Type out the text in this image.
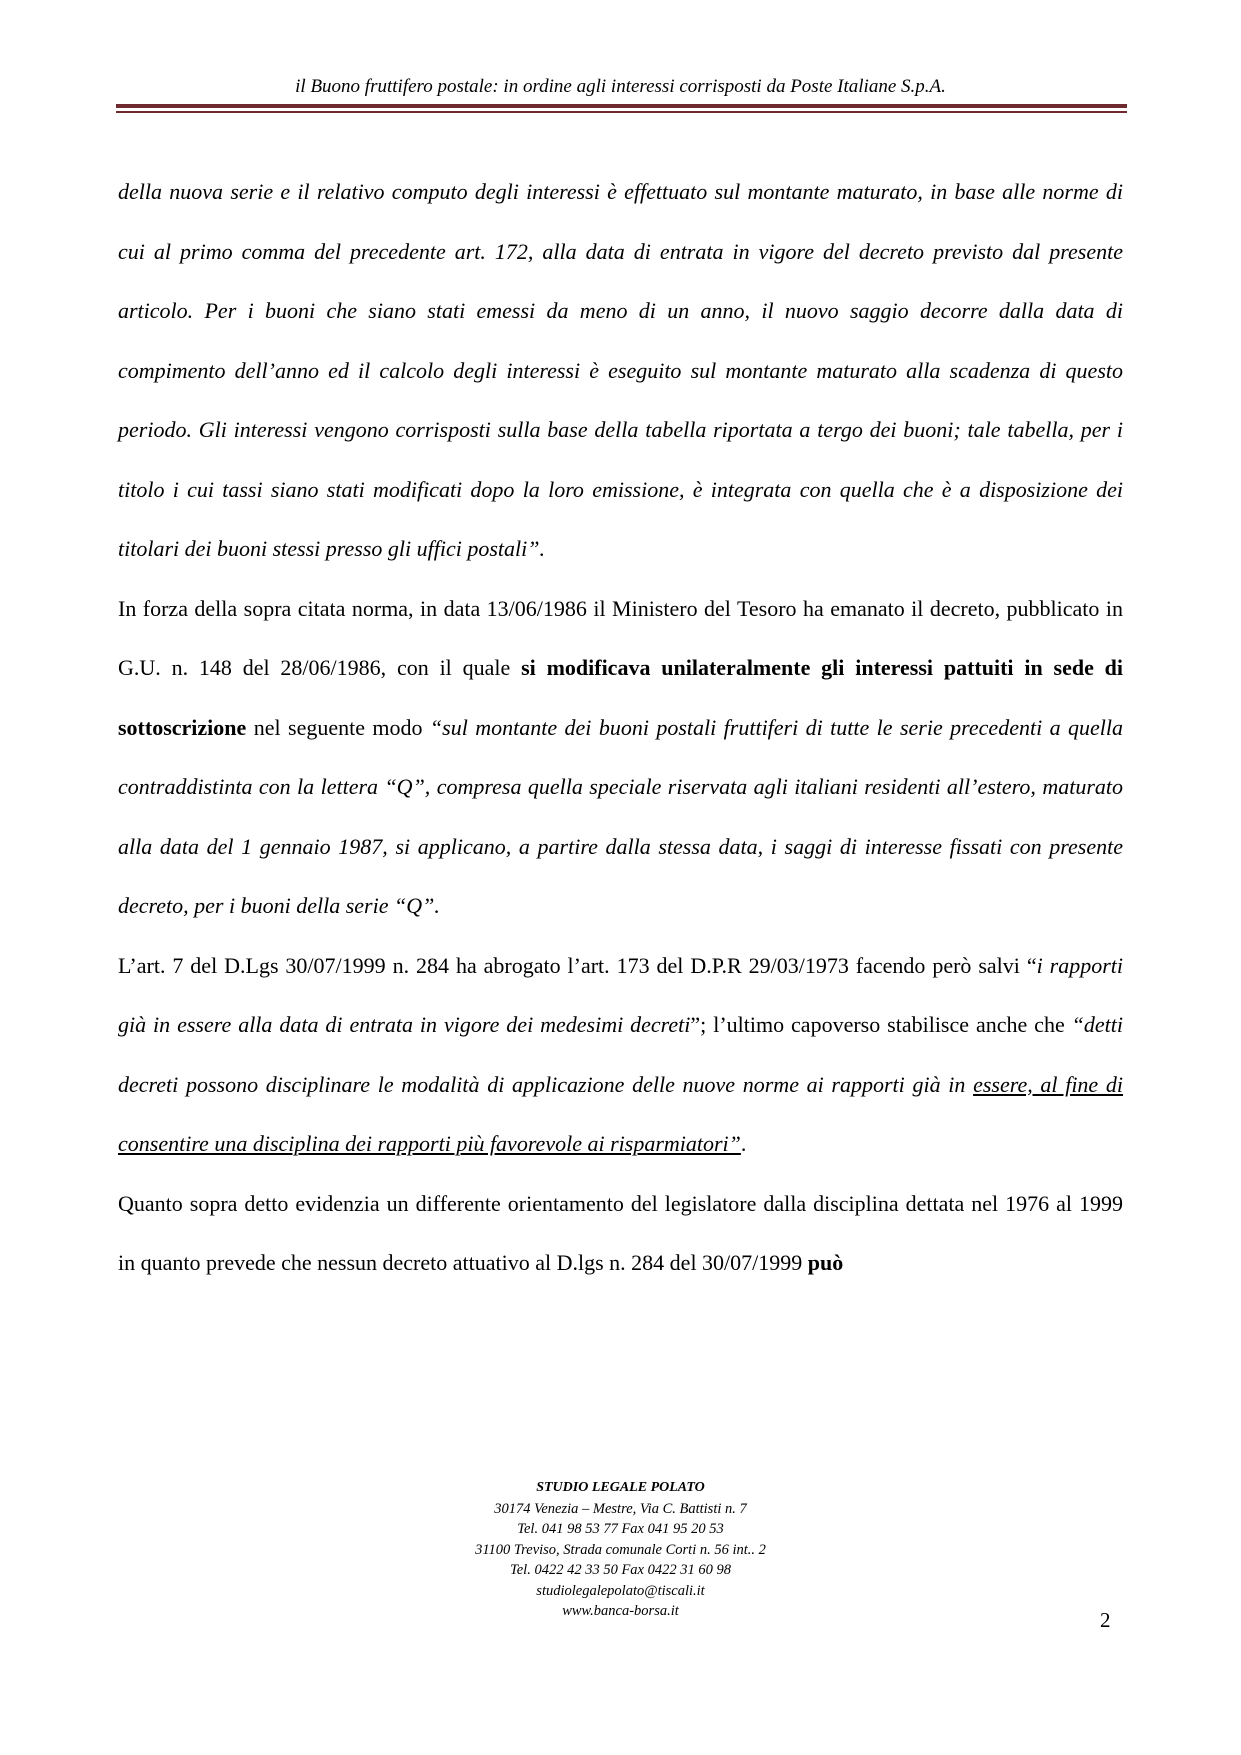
il Buono fruttifero postale: in ordine agli interessi corrisposti da Poste Italiane S.p.A.

della nuova serie e il relativo computo degli interessi è effettuato sul montante maturato, in base alle norme di cui al primo comma del precedente art. 172, alla data di entrata in vigore del decreto previsto dal presente articolo. Per i buoni che siano stati emessi da meno di un anno, il nuovo saggio decorre dalla data di compimento dell’anno ed il calcolo degli interessi è eseguito sul montante maturato alla scadenza di questo periodo. Gli interessi vengono corrisposti sulla base della tabella riportata a tergo dei buoni; tale tabella, per i titolo i cui tassi siano stati modificati dopo la loro emissione, è integrata con quella che è a disposizione dei titolari dei buoni stessi presso gli uffici postali”.

In forza della sopra citata norma, in data 13/06/1986 il Ministero del Tesoro ha emanato il decreto, pubblicato in G.U. n. 148 del 28/06/1986, con il quale si modificava unilateralmente gli interessi pattuiti in sede di sottoscrizione nel seguente modo “sul montante dei buoni postali fruttiferi di tutte le serie precedenti a quella contraddistinta con la lettera “Q”, compresa quella speciale riservata agli italiani residenti all’estero, maturato alla data del 1 gennaio 1987, si applicano, a partire dalla stessa data, i saggi di interesse fissati con presente decreto, per i buoni della serie “Q”.

L’art. 7 del D.Lgs 30/07/1999 n. 284 ha abrogato l’art. 173 del D.P.R 29/03/1973 facendo però salvi “i rapporti già in essere alla data di entrata in vigore dei medesimi decreti”; l’ultimo capoverso stabilisce anche che “detti decreti possono disciplinare le modalità di applicazione delle nuove norme ai rapporti già in essere, al fine di consentire una disciplina dei rapporti più favorevole ai risparmiatori”.

Quanto sopra detto evidenzia un differente orientamento del legislatore dalla disciplina dettata nel 1976 al 1999 in quanto prevede che nessun decreto attuativo al D.lgs n. 284 del 30/07/1999 può

STUDIO LEGALE POLATO
30174 Venezia – Mestre, Via C. Battisti n. 7
Tel. 041 98 53 77 Fax 041 95 20 53
31100 Treviso, Strada comunale Corti n. 56 int.. 2
Tel. 0422 42 33 50 Fax 0422 31 60 98
studiolegalepolato@tiscali.it
www.banca-borsa.it	2
